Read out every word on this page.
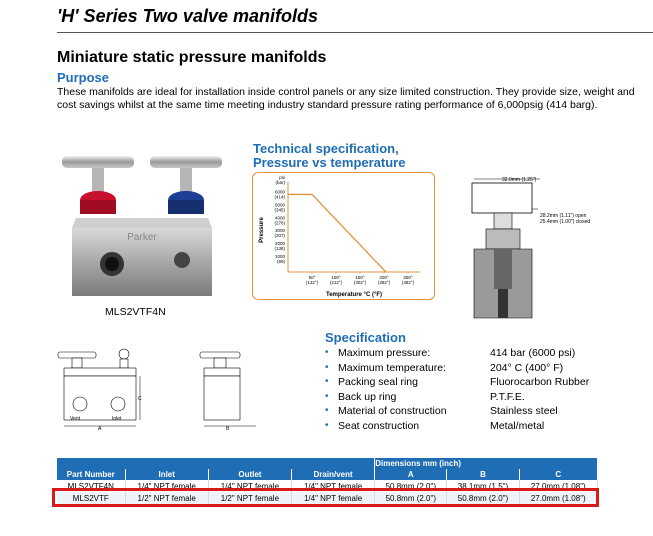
'H' Series Two valve manifolds
Miniature static pressure manifolds
Purpose
These manifolds are ideal for installation inside control panels or any size limited construction. They provide size, weight and cost savings whilst at the same time meeting industry standard pressure rating performance of 6,000psig (414 barg).
Parker
MLS2VTF4N
Technical specification,
Pressure vs temperature
psi
(bar)
1000
(69)
2000
(138)
3000
(207)
4000
(276)
5000
(345)
6000
(414)
50°
(122°)
100°
(212°)
150°
(302°)
200°
(392°)
250°
(482°)
Pressure
Temperature °C (°F)
32.0mm (1.25")
28.2mm (1.11") open
25.4mm (1.00") closed
C
Vent	Inlet
A	B
Specification
• Maximum pressure:	414 bar (6000 psi)
• Maximum temperature:	204° C (400° F)
• Packing seal ring	Fluorocarbon Rubber
• Back up ring	P.T.F.E.
• Material of construction	Stainless steel
• Seat construction	Metal/metal
				Dimensions mm (inch)		
Part Number	Inlet	Outlet	Drain/vent	A	B	C
MLS2VTF4N	1/4" NPT female	1/4" NPT female	1/4" NPT female	50.8mm (2.0")	38.1mm (1.5")	27.0mm (1.08")
MLS2VTF	1/2" NPT female	1/2" NPT female	1/4" NPT female	50.8mm (2.0")	50.8mm (2.0")	27.0mm (1.08")
